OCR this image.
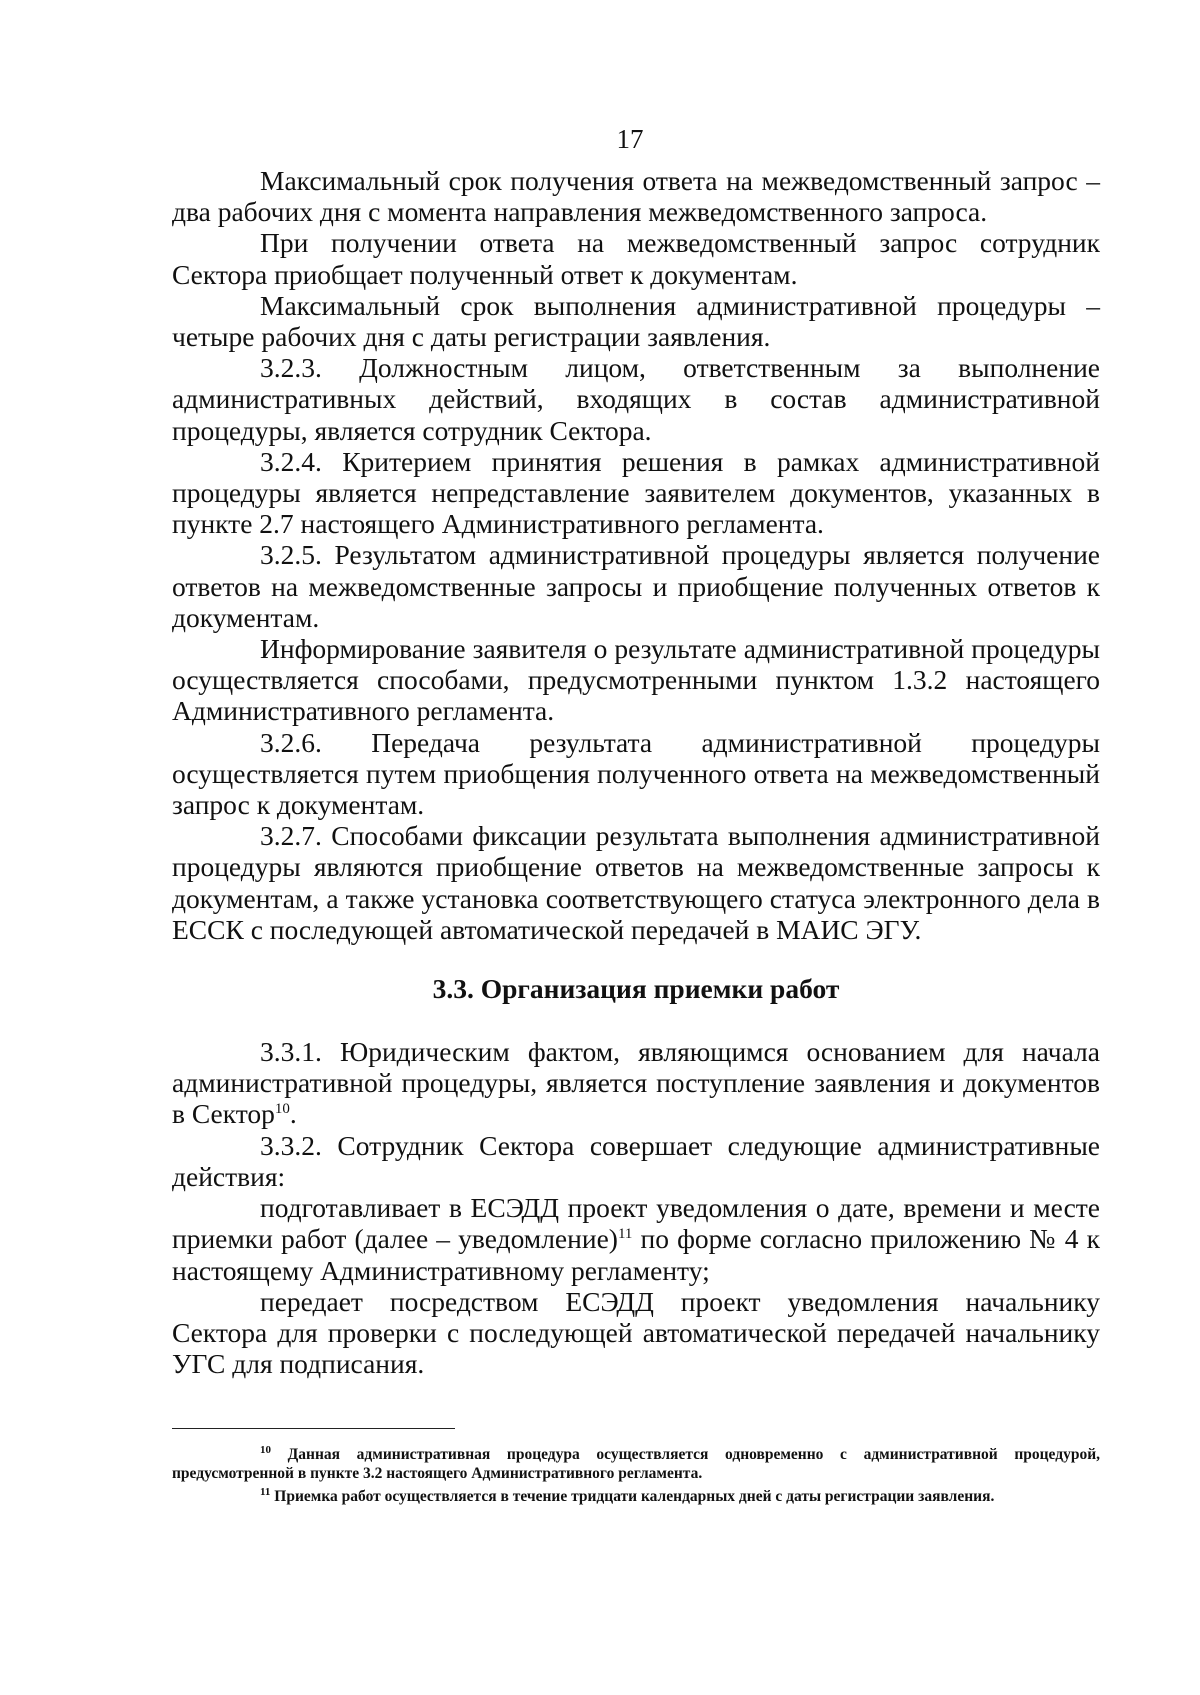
17

Максимальный срок получения ответа на межведомственный запрос – два рабочих дня с момента направления межведомственного запроса.

При получении ответа на межведомственный запрос сотрудник Сектора приобщает полученный ответ к документам.

Максимальный срок выполнения административной процедуры – четыре рабочих дня с даты регистрации заявления.

3.2.3. Должностным лицом, ответственным за выполнение административных действий, входящих в состав административной процедуры, является сотрудник Сектора.

3.2.4. Критерием принятия решения в рамках административной процедуры является непредставление заявителем документов, указанных в пункте 2.7 настоящего Административного регламента.

3.2.5. Результатом административной процедуры является получение ответов на межведомственные запросы и приобщение полученных ответов к документам.

Информирование заявителя о результате административной процедуры осуществляется способами, предусмотренными пунктом 1.3.2 настоящего Административного регламента.

3.2.6. Передача результата административной процедуры осуществляется путем приобщения полученного ответа на межведомственный запрос к документам.

3.2.7. Способами фиксации результата выполнения административной процедуры являются приобщение ответов на межведомственные запросы к документам, а также установка соответствующего статуса электронного дела в ЕССК с последующей автоматической передачей в МАИС ЭГУ.

3.3. Организация приемки работ

3.3.1. Юридическим фактом, являющимся основанием для начала административной процедуры, является поступление заявления и документов в Сектор$^{10}$.

3.3.2. Сотрудник Сектора совершает следующие административные действия:

подготавливает в ЕСЭДД проект уведомления о дате, времени и месте приемки работ (далее – уведомление)$^{11}$ по форме согласно приложению № 4 к настоящему Административному регламенту;

передает посредством ЕСЭДД проект уведомления начальнику Сектора для проверки с последующей автоматической передачей начальнику УГС для подписания.

$^{10}$ Данная административная процедура осуществляется одновременно с административной процедурой, предусмотренной в пункте 3.2 настоящего Административного регламента.

$^{11}$ Приемка работ осуществляется в течение тридцати календарных дней с даты регистрации заявления.
